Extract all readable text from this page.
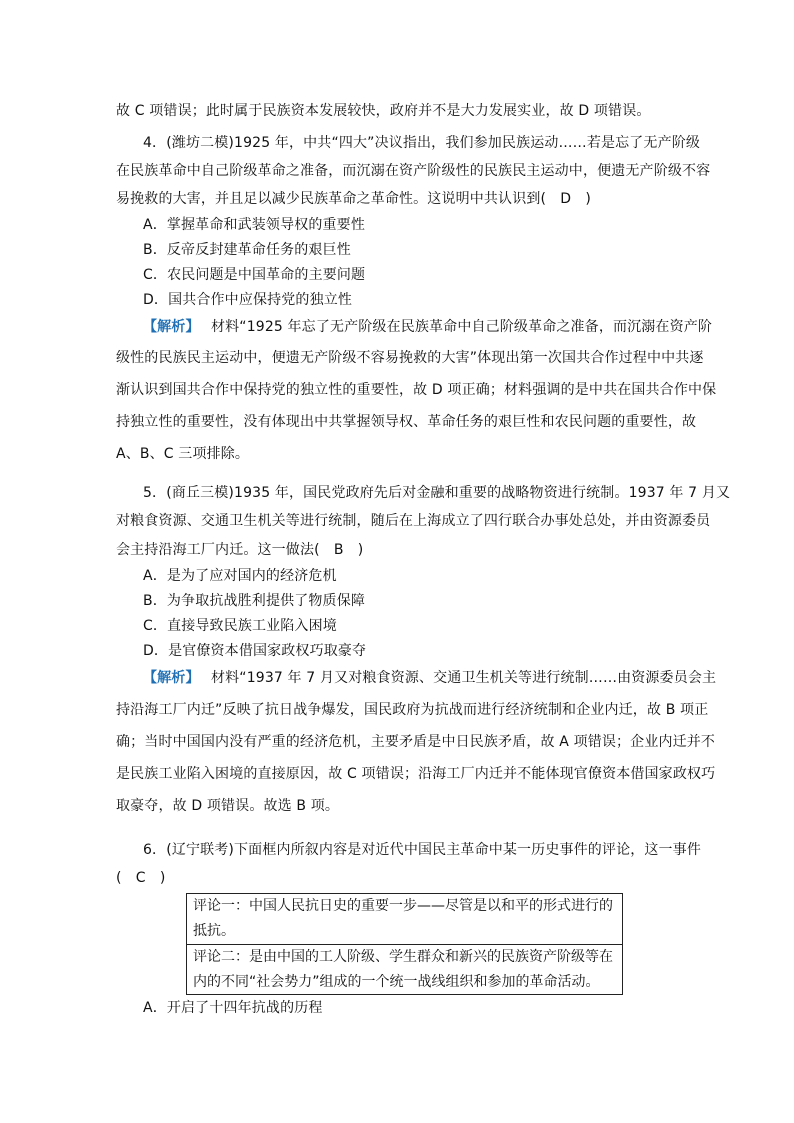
故 C 项错误；此时属于民族资本发展较快，政府并不是大力发展实业，故 D 项错误。
4．(潍坊二模)1925 年，中共“四大”决议指出，我们参加民族运动……若是忘了无产阶级
在民族革命中自己阶级革命之准备，而沉溺在资产阶级性的民族民主运动中，便遗无产阶级不容
易挽救的大害，并且足以减少民族革命之革命性。这说明中共认识到(　D　)
A．掌握革命和武装领导权的重要性
B．反帝反封建革命任务的艰巨性
C．农民问题是中国革命的主要问题
D．国共合作中应保持党的独立性
【解析】 材料“1925 年忘了无产阶级在民族革命中自己阶级革命之准备，而沉溺在资产阶
级性的民族民主运动中，便遗无产阶级不容易挽救的大害”体现出第一次国共合作过程中中共逐
渐认识到国共合作中保持党的独立性的重要性，故 D 项正确；材料强调的是中共在国共合作中保
持独立性的重要性，没有体现出中共掌握领导权、革命任务的艰巨性和农民问题的重要性，故
A、B、C 三项排除。
5．(商丘三模)1935 年，国民党政府先后对金融和重要的战略物资进行统制。1937 年 7 月又
对粮食资源、交通卫生机关等进行统制，随后在上海成立了四行联合办事处总处，并由资源委员
会主持沿海工厂内迁。这一做法(　B　)
A．是为了应对国内的经济危机
B．为争取抗战胜利提供了物质保障
C．直接导致民族工业陷入困境
D．是官僚资本借国家政权巧取豪夺
【解析】 材料“1937 年 7 月又对粮食资源、交通卫生机关等进行统制……由资源委员会主
持沿海工厂内迁”反映了抗日战争爆发，国民政府为抗战而进行经济统制和企业内迁，故 B 项正
确；当时中国国内没有严重的经济危机，主要矛盾是中日民族矛盾，故 A 项错误；企业内迁并不
是民族工业陷入困境的直接原因，故 C 项错误；沿海工厂内迁并不能体现官僚资本借国家政权巧
取豪夺，故 D 项错误。故选 B 项。
6．(辽宁联考)下面框内所叙内容是对近代中国民主革命中某一历史事件的评论，这一事件
(　C　)
评论一：中国人民抗日史的重要一步——尽管是以和平的形式进行的
抵抗。
评论二：是由中国的工人阶级、学生群众和新兴的民族资产阶级等在
内的不同“社会势力”组成的一个统一战线组织和参加的革命活动。
A．开启了十四年抗战的历程
